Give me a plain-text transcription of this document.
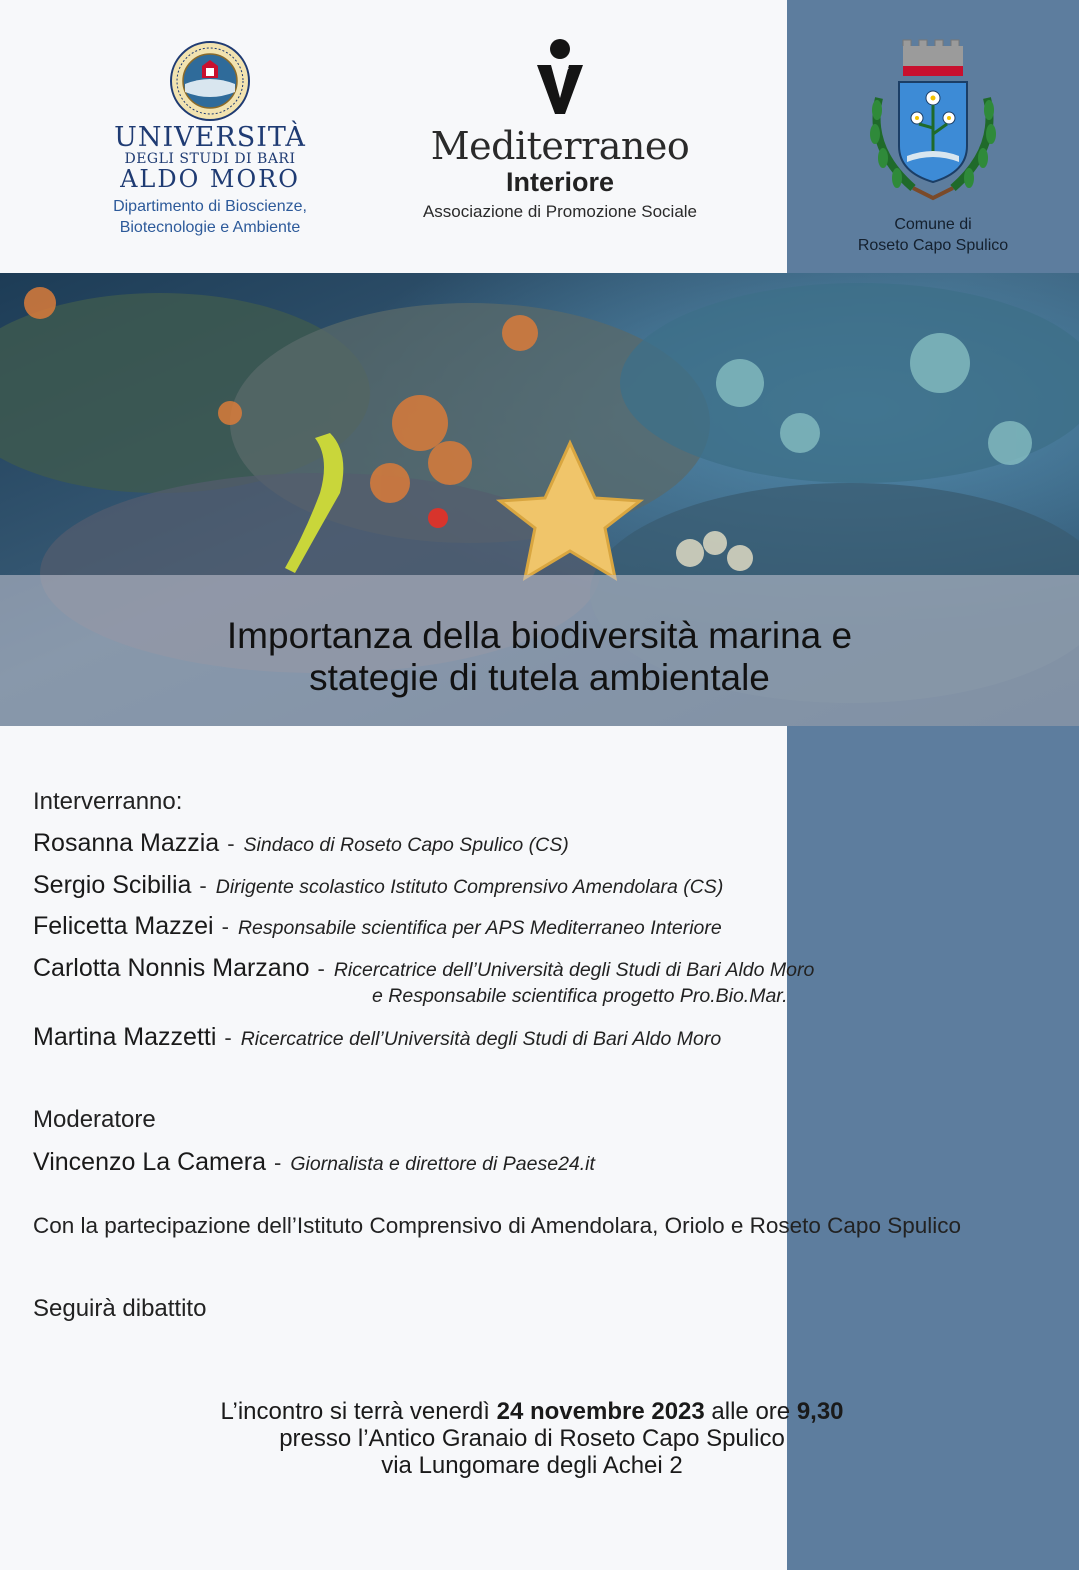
UNIVERSITÀ
DEGLI STUDI DI BARI
ALDO MORO
Dipartimento di Bioscienze,
Biotecnologie e Ambiente
Mediterraneo
Interiore
Associazione di Promozione Sociale
Comune di
Roseto Capo Spulico
Importanza della biodiversità marina e
stategie di tutela ambientale
Interverranno:
Rosanna Mazzia - Sindaco di Roseto Capo Spulico (CS)
Sergio Scibilia - Dirigente scolastico Istituto Comprensivo Amendolara (CS)
Felicetta Mazzei - Responsabile scientifica per APS Mediterraneo Interiore
Carlotta Nonnis Marzano - Ricercatrice dell’Università degli Studi di Bari Aldo Moro
e Responsabile scientifica progetto Pro.Bio.Mar.
Martina Mazzetti - Ricercatrice dell’Università degli Studi di Bari Aldo Moro
Moderatore
Vincenzo La Camera - Giornalista e direttore di Paese24.it
Con la partecipazione dell’Istituto Comprensivo di Amendolara, Oriolo e Roseto Capo Spulico
Seguirà dibattito
L’incontro si terrà venerdì 24 novembre 2023 alle ore 9,30
presso l’Antico Granaio di Roseto Capo Spulico
via Lungomare degli Achei 2
